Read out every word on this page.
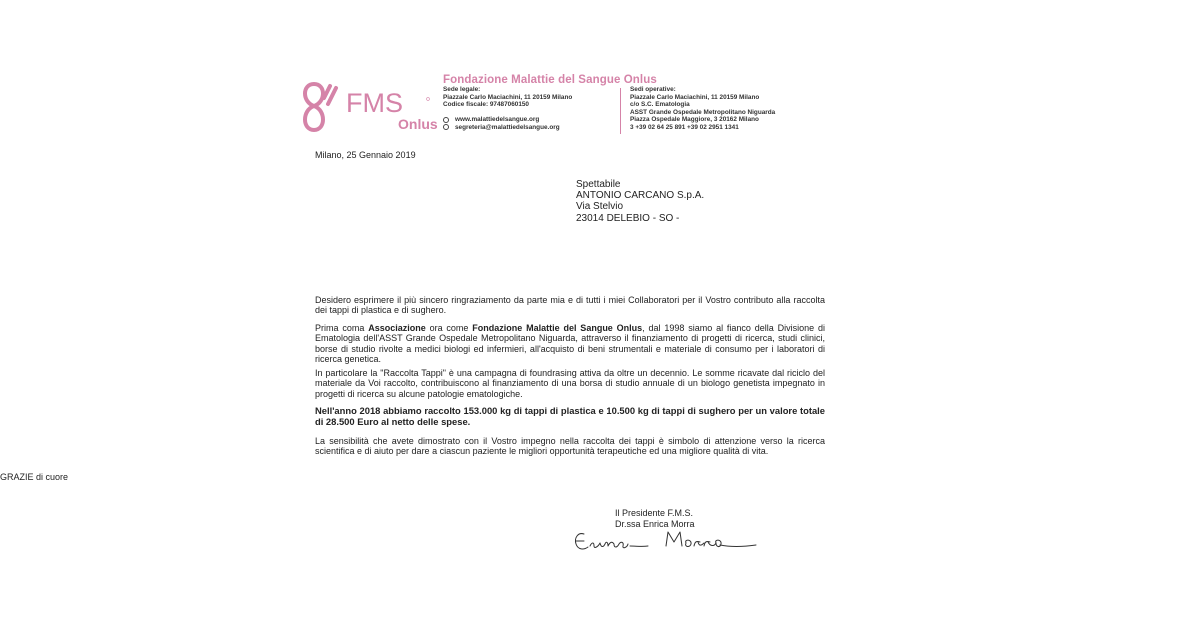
FMS
Onlus
Fondazione Malattie del Sangue Onlus
Sede legale:
Piazzale Carlo Maciachini, 11 20159 Milano
Codice fiscale: 97487060150
www.malattiedelsangue.org
segreteria@malattiedelsangue.org
Sedi operative:
Piazzale Carlo Maciachini, 11 20159 Milano
c/o S.C. Ematologia
ASST Grande Ospedale Metropolitano Niguarda
Piazza Ospedale Maggiore, 3 20162 Milano
3 +39 02 64 25 891 +39 02 2951 1341
Milano, 25 Gennaio 2019
Spettabile
ANTONIO CARCANO S.p.A.
Via Stelvio
23014 DELEBIO - SO -
Desidero esprimere il più sincero ringraziamento da parte mia e di tutti i miei Collaboratori per il Vostro contributo alla raccolta dei tappi di plastica e di sughero.
Prima coma Associazione ora come Fondazione Malattie del Sangue Onlus, dal 1998 siamo al fianco della Divisione di Ematologia dell'ASST Grande Ospedale Metropolitano Niguarda, attraverso il finanziamento di progetti di ricerca, studi clinici, borse di studio rivolte a medici biologi ed infermieri, all'acquisto di beni strumentali e materiale di consumo per i laboratori di ricerca genetica.
In particolare la "Raccolta Tappi" è una campagna di foundrasing attiva da oltre un decennio. Le somme ricavate dal riciclo del materiale da Voi raccolto, contribuiscono al finanziamento di una borsa di studio annuale di un biologo genetista impegnato in progetti di ricerca su alcune patologie ematologiche.
Nell'anno 2018 abbiamo raccolto 153.000 kg di tappi di plastica e 10.500 kg di tappi di sughero per un valore totale di 28.500 Euro al netto delle spese.
La sensibilità che avete dimostrato con il Vostro impegno nella raccolta dei tappi è simbolo di attenzione verso la ricerca scientifica e di aiuto per dare a ciascun paziente le migliori opportunità terapeutiche ed una migliore qualità di vita.
GRAZIE di cuore
Il Presidente F.M.S.
Dr.ssa Enrica Morra
